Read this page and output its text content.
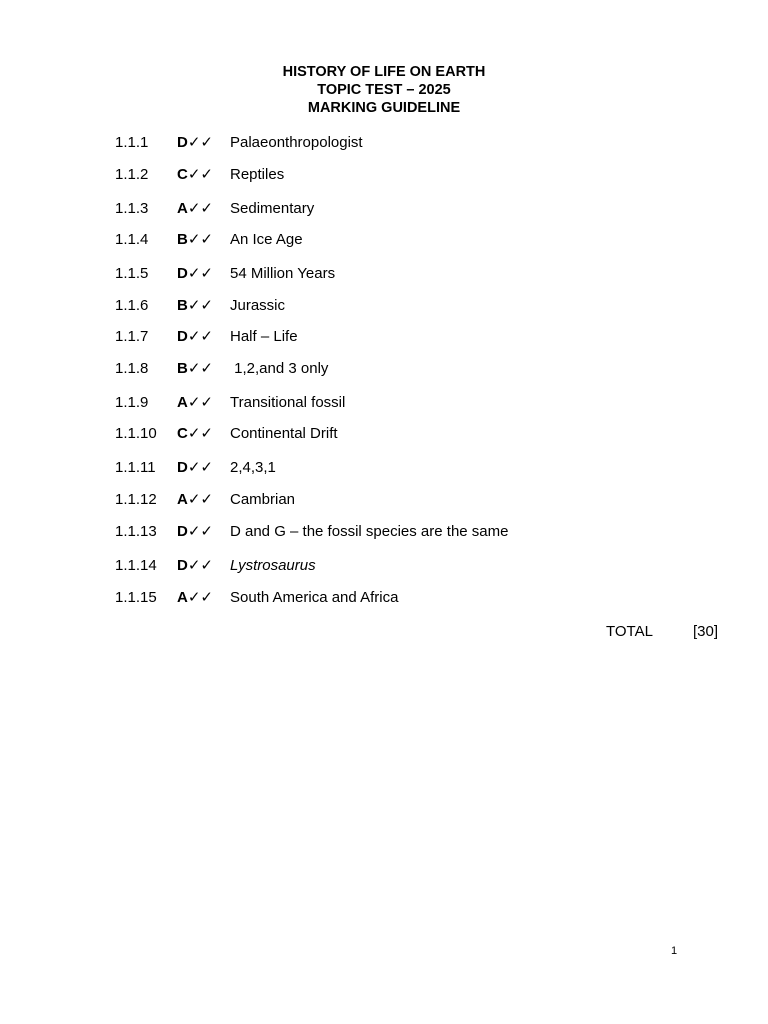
HISTORY OF LIFE ON EARTH
TOPIC TEST – 2025
MARKING GUIDELINE
1.1.1 D✓✓ Palaeonthropologist
1.1.2 C✓✓ Reptiles
1.1.3 A✓✓ Sedimentary
1.1.4 B✓✓ An Ice Age
1.1.5 D✓✓ 54 Million Years
1.1.6 B✓✓ Jurassic
1.1.7 D✓✓ Half – Life
1.1.8 B✓✓ 1,2,and 3 only
1.1.9 A✓✓ Transitional fossil
1.1.10 C✓✓ Continental Drift
1.1.11 D✓✓ 2,4,3,1
1.1.12 A✓✓ Cambrian
1.1.13 D✓✓ D and G – the fossil species are the same
1.1.14 D✓✓ Lystrosaurus
1.1.15 A✓✓ South America and Africa
TOTAL	[30]
1
